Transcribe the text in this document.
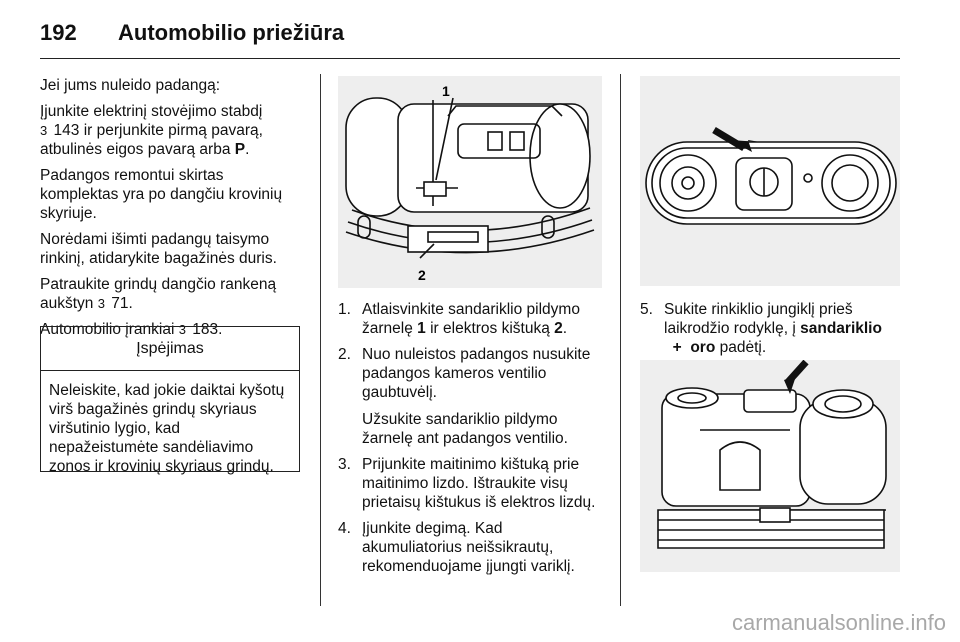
192 Automobilio priežiūra

Jei jums nuleido padangą:

Įjunkite elektrinį stovėjimo stabdį
3 143 ir perjunkite pirmą pavarą,
atbulinės eigos pavarą arba P.

Padangos remontui skirtas
komplektas yra po dangčiu krovinių
skyriuje.

Norėdami išimti padangų taisymo
rinkinį, atidarykite bagažinės duris.

Patraukite grindų dangčio rankeną
aukštyn 3 71.

Automobilio įrankiai 3 183.

Įspėjimas
Neleiskite, kad jokie daiktai kyšotų
virš bagažinės grindų skyriaus
viršutinio lygio, kad
nepažeistumėte sandėliavimo
zonos ir krovinių skyriaus grindų.
1
2
1. Atlaisvinkite sandariklio pildymo
žarnelę 1 ir elektros kištuką 2.
2. Nuo nuleistos padangos nusukite
padangos kameros ventilio
gaubtuvėlį.
Užsukite sandariklio pildymo
žarnelę ant padangos ventilio.
3. Prijunkite maitinimo kištuką prie
maitinimo lizdo. Ištraukite visų
prietaisų kištukus iš elektros lizdų.
4. Įjunkite degimą. Kad
akumuliatorius neišsikrautų,
rekomenduojame įjungti variklį.
5. Sukite rinkiklio jungiklį prieš
laikrodžio rodyklę, į sandariklio
+ oro padėtį.
carmanualsonline.info
